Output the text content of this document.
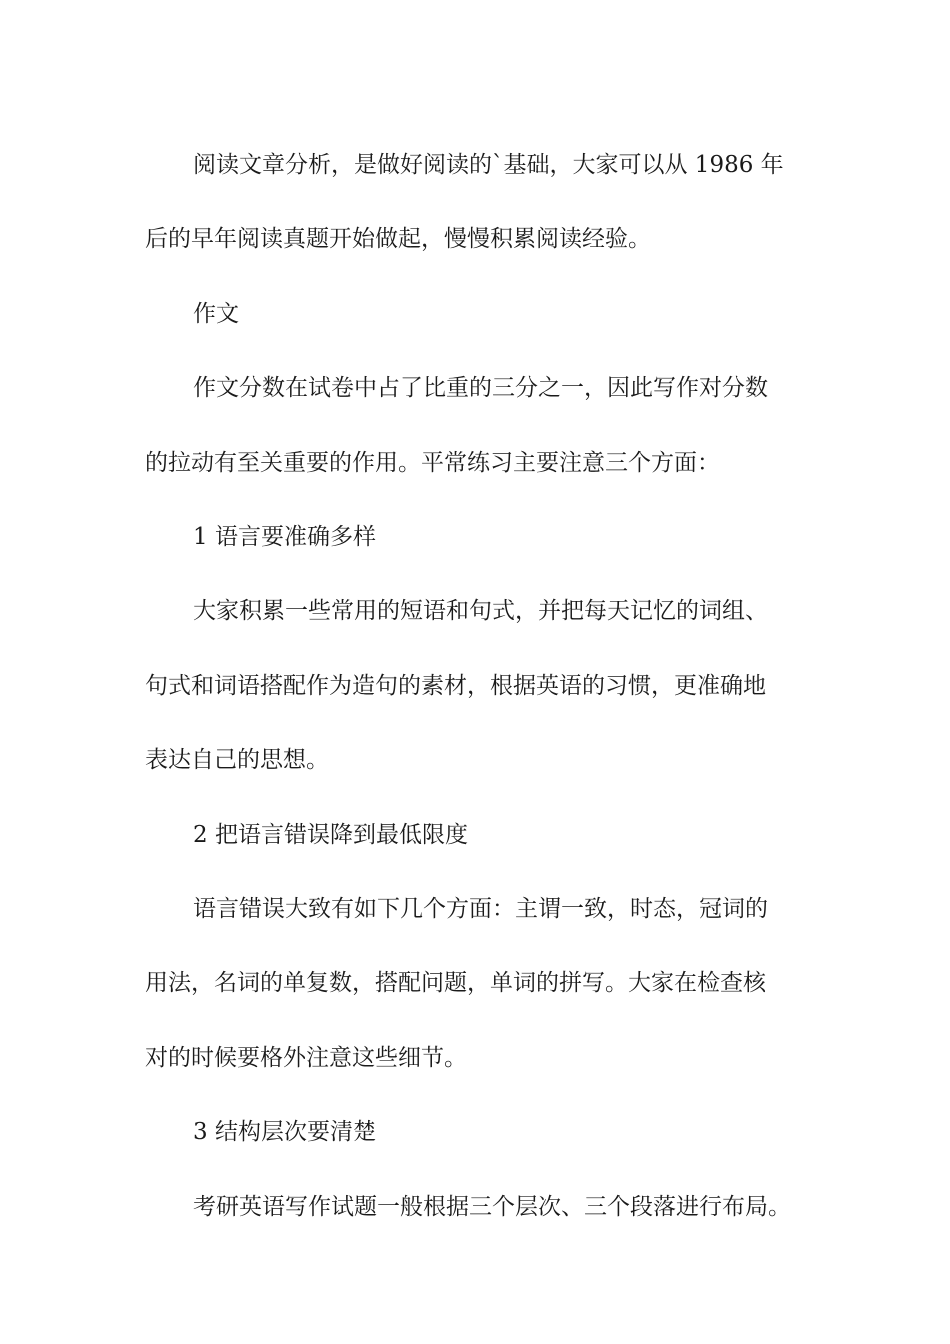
阅读文章分析，是做好阅读的`基础，大家可以从 1986 年
后的早年阅读真题开始做起，慢慢积累阅读经验。
作文
作文分数在试卷中占了比重的三分之一，因此写作对分数
的拉动有至关重要的作用。平常练习主要注意三个方面：
1 语言要准确多样
大家积累一些常用的短语和句式，并把每天记忆的词组、
句式和词语搭配作为造句的素材，根据英语的习惯，更准确地
表达自己的思想。
2 把语言错误降到最低限度
语言错误大致有如下几个方面：主谓一致，时态，冠词的
用法，名词的单复数，搭配问题，单词的拼写。大家在检查核
对的时候要格外注意这些细节。
3 结构层次要清楚
考研英语写作试题一般根据三个层次、三个段落进行布局。
